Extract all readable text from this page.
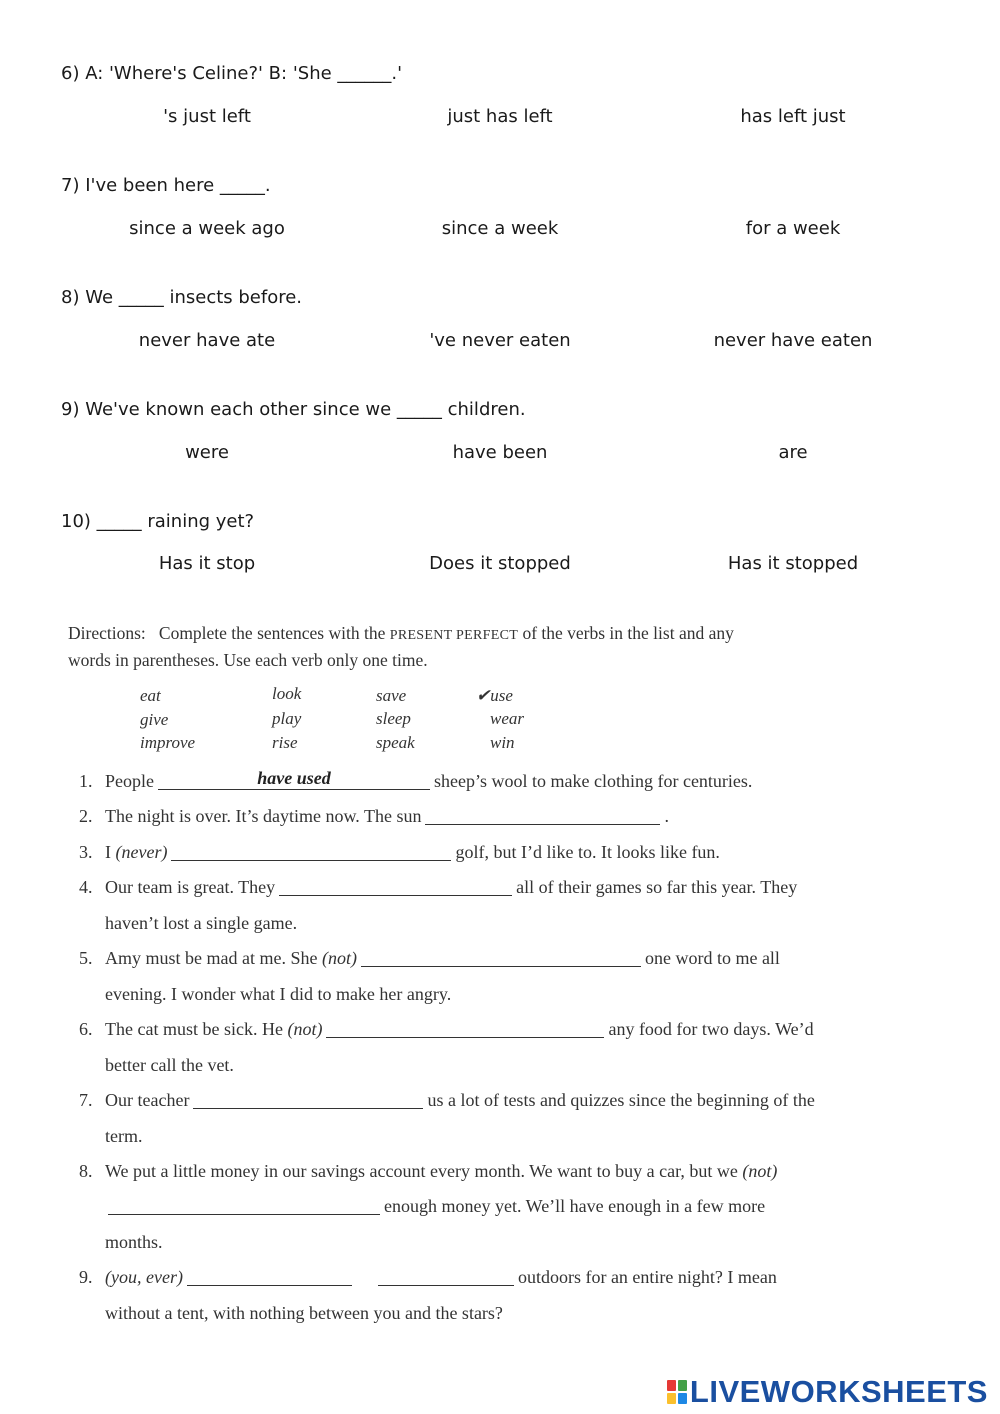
6) A: 'Where's Celine?' B: 'She ______.'
's just left	just has left	has left just
7) I've been here _____.
since a week ago	since a week	for a week
8) We _____ insects before.
never have ate	've never eaten	never have eaten
9) We've known each other since we _____ children.
were	have been	are
10) _____ raining yet?
Has it stop	Does it stopped	Has it stopped
Directions: Complete the sentences with the PRESENT PERFECT of the verbs in the list and any
words in parentheses. Use each verb only one time.
eat	look	save	✔use
give	play	sleep	wear
improve	rise	speak	win
1. People
have used	sheep’s wool to make clothing for centuries.
2. The night is over. It’s daytime now. The sun	.
3. I (never)	golf, but I’d like to. It looks like fun.
4. Our team is great. They	all of their games so far this year. They
haven’t lost a single game.
5. Amy must be mad at me. She (not)	one word to me all
evening. I wonder what I did to make her angry.
6. The cat must be sick. He (not)	any food for two days. We’d
better call the vet.
7. Our teacher	us a lot of tests and quizzes since the beginning of the
term.
8. We put a little money in our savings account every month. We want to buy a car, but we (not)
enough money yet. We’ll have enough in a few more
months.
9. (you, ever)
	outdoors for an entire night? I mean
without a tent, with nothing between you and the stars?
LIVEWORKSHEETS
